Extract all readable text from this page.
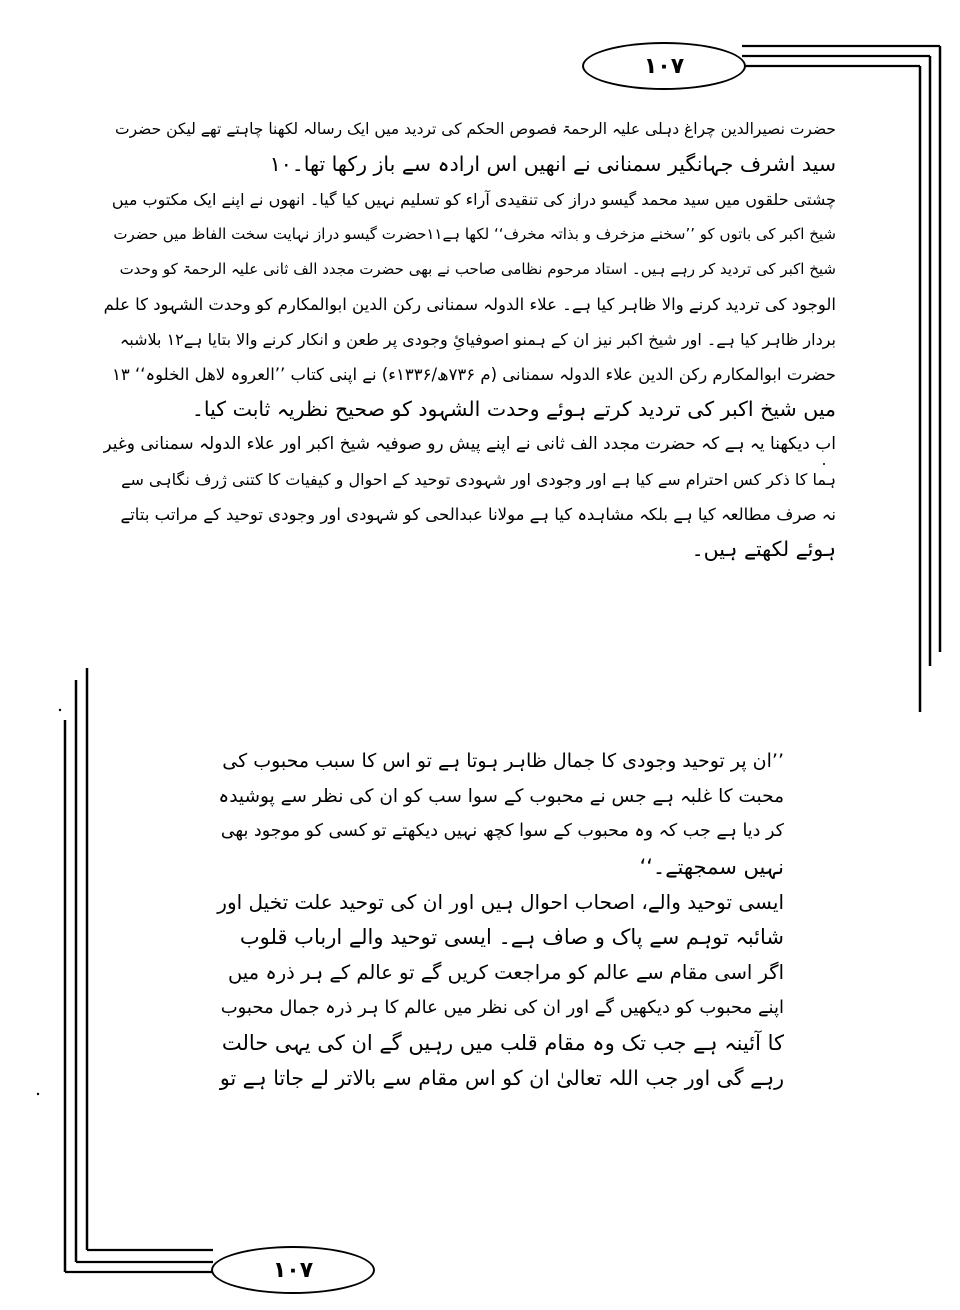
۱۰۷
۱۰۷
حضرت نصیرالدین چراغ دہلی علیہ الرحمۃ فصوص الحکم کی تردید میں ایک رسالہ لکھنا چاہتے تھے لیکن حضرت
سید اشرف جہانگیر سمنانی نے انھیں اس ارادہ سے باز رکھا تھا۔۱۰
چشتی حلقوں میں سید محمد گیسو دراز کی تنقیدی آراء کو تسلیم نہیں کیا گیا۔ انھوں نے اپنے ایک مکتوب میں
شیخ اکبر کی باتوں کو ’’سخنے مزخرف و بذاتہ مخرف‘‘ لکھا ہے۱۱حضرت گیسو دراز نہایت سخت الفاظ میں حضرت
شیخ اکبر کی تردید کر رہے ہیں۔ استاد مرحوم نظامی صاحب نے بھی حضرت مجدد الف ثانی علیہ الرحمۃ کو وحدت
الوجود کی تردید کرنے والا ظاہر کیا ہے۔ علاء الدولہ سمنانی رکن الدین ابوالمکارم کو وحدت الشہود کا علم
بردار ظاہر کیا ہے۔ اور شیخ اکبر نیز ان کے ہمنو اصوفیائِ وجودی پر طعن و انکار کرنے والا بتایا ہے۱۲ بلاشبہ
حضرت ابوالمکارم رکن الدین علاء الدولہ سمنانی (م ۷۳۶ھ/۱۳۳۶ء) نے اپنی کتاب ’’العروہ لاھل الخلوہ‘‘ ۱۳
میں شیخ اکبر کی تردید کرتے ہوئے وحدت الشہود کو صحیح نظریہ ثابت کیا۔
اب دیکھنا یہ ہے کہ حضرت مجدد الف ثانی نے اپنے پیش رو صوفیہ شیخ اکبر اور علاء الدولہ سمنانی وغیر
ہما کا ذکر کس احترام سے کیا ہے اور وجودی اور شہودی توحید کے احوال و کیفیات کا کتنی ژرف نگاہی سے
نہ صرف مطالعہ کیا ہے بلکہ مشاہدہ کیا ہے مولانا عبدالحی کو شہودی اور وجودی توحید کے مراتب بتاتے
ہوئے لکھتے ہیں۔
’’ان پر توحید وجودی کا جمال ظاہر ہوتا ہے تو اس کا سبب محبوب کی
محبت کا غلبہ ہے جس نے محبوب کے سوا سب کو ان کی نظر سے پوشیدہ
کر دیا ہے جب کہ وہ محبوب کے سوا کچھ نہیں دیکھتے تو کسی کو موجود بھی
نہیں سمجھتے۔‘‘
ایسی توحید والے، اصحاب احوال ہیں اور ان کی توحید علت تخیل اور
شائبہ توہم سے پاک و صاف ہے۔ ایسی توحید والے ارباب قلوب
اگر اسی مقام سے عالم کو مراجعت کریں گے تو عالم کے ہر ذرہ میں
اپنے محبوب کو دیکھیں گے اور ان کی نظر میں عالم کا ہر ذرہ جمال محبوب
کا آئینہ ہے جب تک وہ مقام قلب میں رہیں گے ان کی یہی حالت
رہے گی اور جب اللہ تعالیٰ ان کو اس مقام سے بالاتر لے جاتا ہے تو
